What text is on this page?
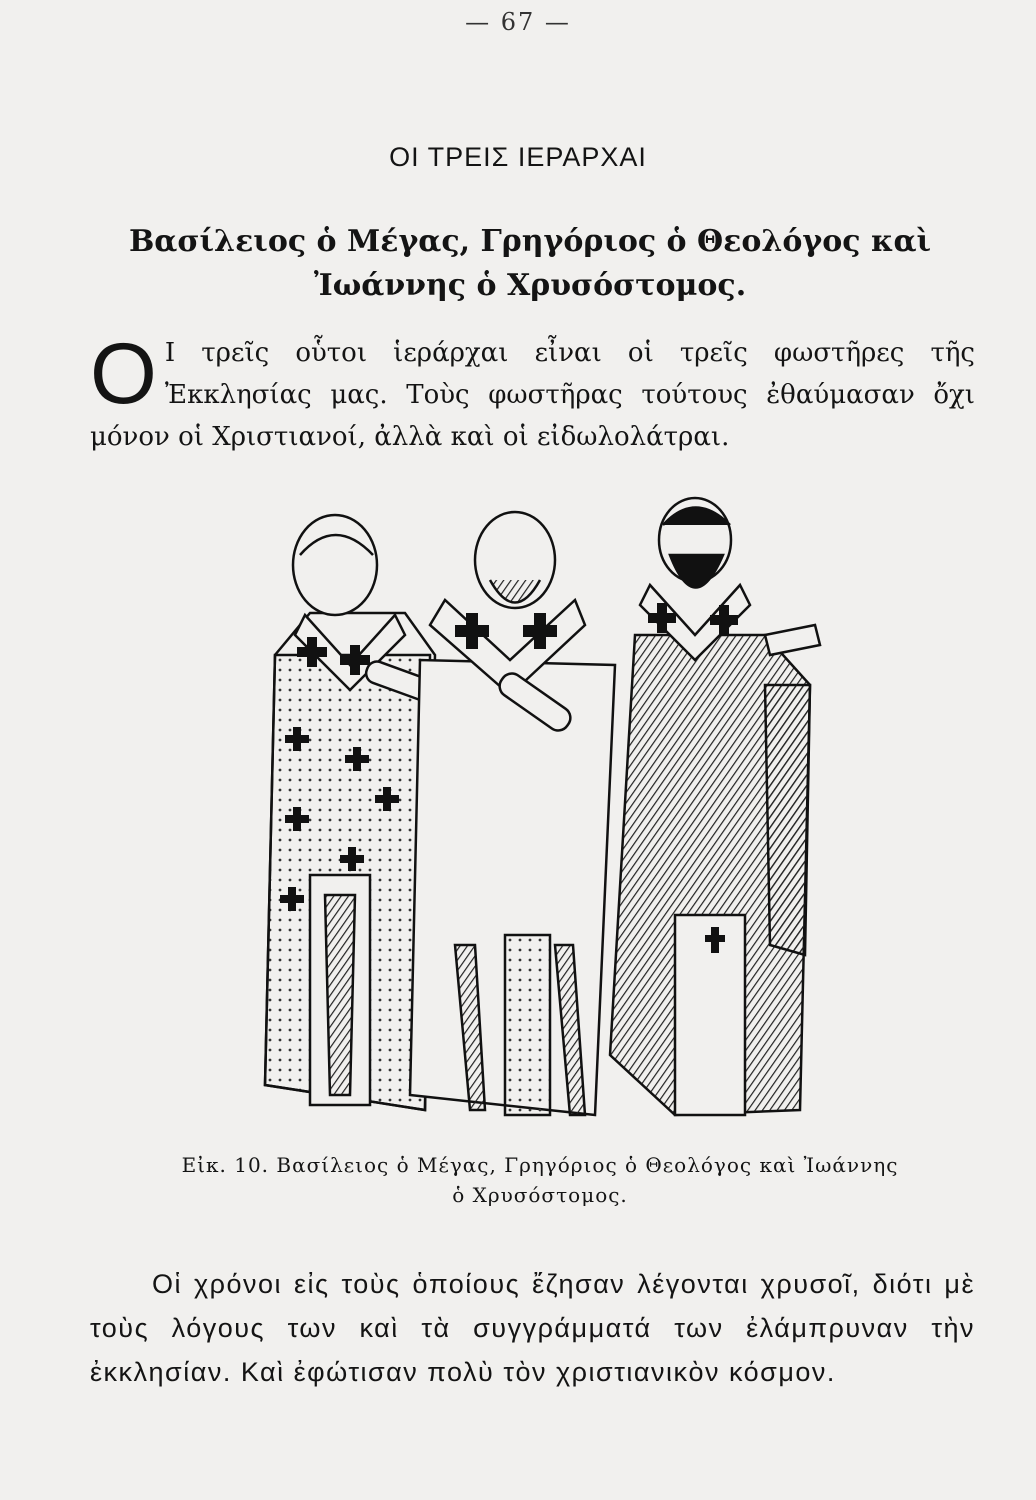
— 67 —
ΟΙ ΤΡΕΙΣ ΙΕΡΑΡΧΑΙ
Βασίλειος ὁ Μέγας, Γρηγόριος ὁ Θεολόγος καὶ Ἰωάννης ὁ Χρυσόστομος.
Ο Ι τρεῖς οὗτοι ἱεράρχαι εἶναι οἱ τρεῖς φωστῆρες τῆς Ἐκκλησίας μας. Τοὺς φωστῆρας τούτους ἐθαύμασαν ὄχι μόνον οἱ Χριστιανοί, ἀλλὰ καὶ οἱ εἰδωλολάτραι.
Εἰκ. 10. Βασίλειος ὁ Μέγας, Γρηγόριος ὁ Θεολόγος καὶ Ἰωάννης ὁ Χρυσόστομος.
Οἱ χρόνοι εἰς τοὺς ὁποίους ἔζησαν λέγονται χρυσοῖ, διότι μὲ τοὺς λόγους των καὶ τὰ συγγράμματά των ἐλάμπρυναν τὴν ἐκκλησίαν. Καὶ ἐφώτισαν πολὺ τὸν χριστιανικὸν κόσμον.
